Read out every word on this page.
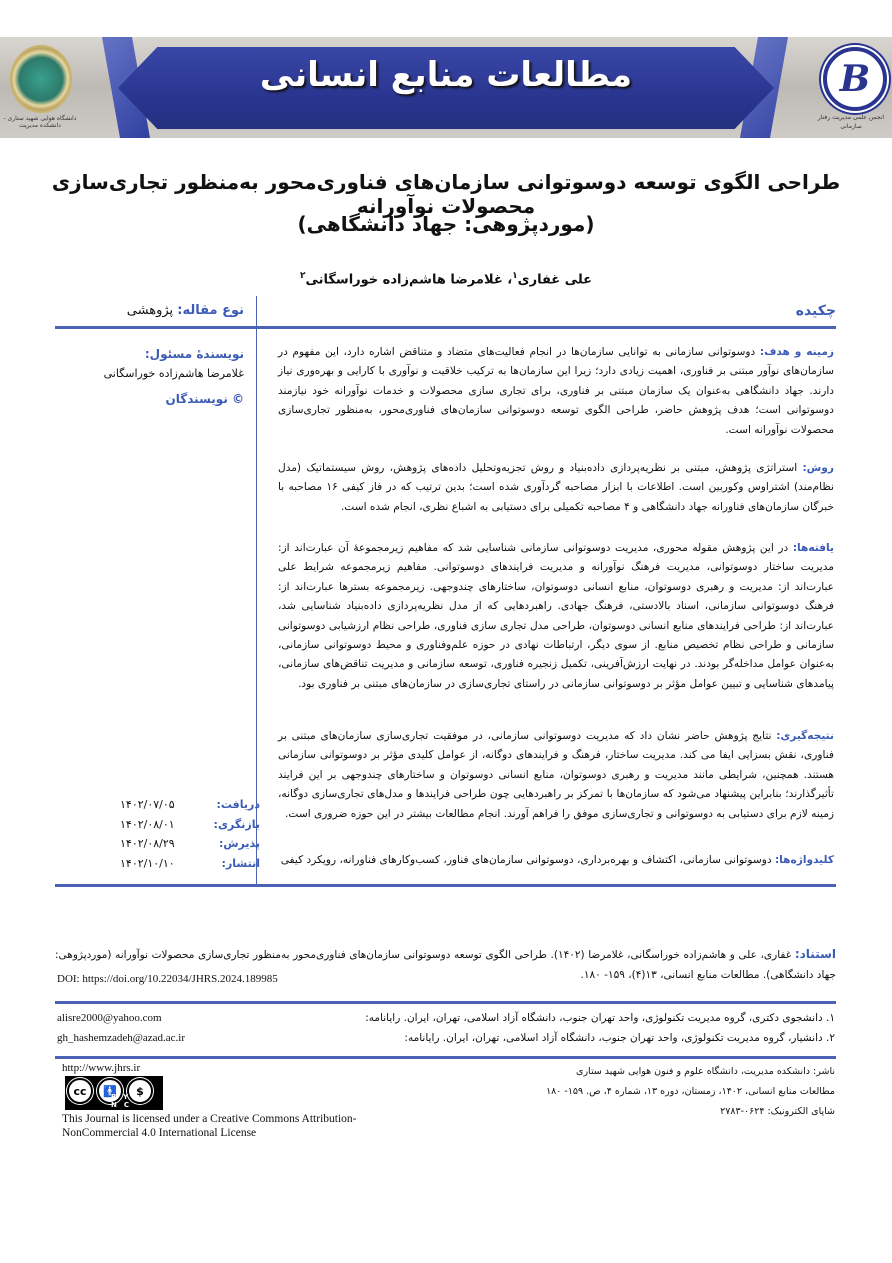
مطالعات منابع انسانی
دانشگاه هوایی شهید ستاری - دانشکده مدیریت
B
انجمن علمی مدیریت رفتار سازمانی
طراحی الگوی توسعه دوسوتوانی سازمان‌های فناوری‌محور به‌منظور تجاری‌سازی محصولات نوآورانه
(موردپژوهی: جهاد دانشگاهی)
علی غفاری$^۱$، غلامرضا هاشم‌زاده خوراسگانی$^۲$
چکیده
نوع مقاله: پژوهشی
زمینه و هدف: دوسوتوانی سازمانی به توانایی سازمان‌ها در انجام فعالیت‌های متضاد و متناقض اشاره دارد، این مفهوم در سازمان‌های نوآور مبتنی بر فناوری، اهمیت زیادی دارد؛ زیرا این سازمان‌ها به ترکیب خلاقیت و نوآوری با کارایی و بهره‌وری نیاز دارند. جهاد دانشگاهی به‌عنوان یک سازمان مبتنی بر فناوری، برای تجاری سازی محصولات و خدمات نوآورانه خود نیازمند دوسوتوانی است؛ هدف پژوهش حاضر، طراحی الگوی توسعه دوسوتوانی سازمان‌های فناوری‌محور، به‌منظور تجاری‌سازی محصولات نوآورانه است.
روش: استراتژی پژوهش، مبتنی بر نظریه‌پردازی داده‌بنیاد و روش تجزیه‌وتحلیل داده‌های پژوهش، روش سیستماتیک (مدل نظام‌مند) اشتراوس وکوربین است. اطلاعات با ابزار مصاحبه گردآوری شده است؛ بدین ترتیب که در فاز کیفی ۱۶ مصاحبه با خبرگان سازمان‌های فناورانه جهاد دانشگاهی و ۴ مصاحبه تکمیلی برای دستیابی به اشباع نظری، انجام شده است.
یافته‌ها: در این پژوهش مقوله محوری، مدیریت دوسوتوانی سازمانی شناسایی شد که مفاهیم زیرمجموعهٔ آن عبارت‌اند از: مدیریت ساختار دوسوتوانی، مدیریت فرهنگ نوآورانه و مدیریت فرایندهای دوسوتوانی. مفاهیم زیرمجموعه شرایط علی عبارت‌اند از: مدیریت و رهبری دوسوتوان، منابع انسانی دوسوتوان، ساختارهای چندوجهی. زیرمجموعه بسترها عبارت‌اند از: فرهنگ دوسوتوانی سازمانی، اسناد بالادستی، فرهنگ جهادی. راهبردهایی که از مدل نظریه‌پردازی داده‌بنیاد شناسایی شد، عبارت‌اند از: طراحی فرایندهای منابع انسانی دوسوتوان، طراحی مدل تجاری سازی فناوری، طراحی نظام ارزشیابی دوسوتوانی سازمانی و طراحی نظام تخصیص منابع. از سوی دیگر، ارتباطات نهادی در حوزه علم‌وفناوری و محیط دوسوتوانی سازمانی، به‌عنوان عوامل مداخله‌گر بودند. در نهایت ارزش‌آفرینی، تکمیل زنجیره فناوری، توسعه سازمانی و مدیریت تناقض‌های سازمانی، پیامدهای شناسایی و تبیین عوامل مؤثر بر دوسوتوانی سازمانی در راستای تجاری‌سازی در سازمان‌های مبتنی بر فناوری بود.
نتیجه‌گیری: نتایج پژوهش حاضر نشان داد که مدیریت دوسوتوانی سازمانی، در موفقیت تجاری‌سازی سازمان‌های مبتنی بر فناوری، نقش بسزایی ایفا می کند. مدیریت ساختار، فرهنگ و فرایندهای دوگانه، از عوامل کلیدی مؤثر بر دوسوتوانی سازمانی هستند. همچنین، شرایطی مانند مدیریت و رهبری دوسوتوان، منابع انسانی دوسوتوان و ساختارهای چندوجهی بر این فرایند تأثیرگذارند؛ بنابراین پیشنهاد می‌شود که سازمان‌ها با تمرکز بر راهبردهایی چون طراحی فرایندها و مدل‌های تجاری‌سازی دوگانه، زمینه لازم برای دستیابی به دوسوتوانی و تجاری‌سازی موفق را فراهم آورند. انجام مطالعات بیشتر در این حوزه ضروری است.
کلیدواژه‌ها: دوسوتوانی سازمانی، اکتشاف و بهره‌برداری، دوسوتوانی سازمان‌های فناور، کسب‌وکارهای فناورانه، رویکرد کیفی
نویسندهٔ مسئول:
غلامرضا هاشم‌زاده خوراسگانی
© نویسندگان
دریافت:
۱۴۰۲/۰۷/۰۵
بازنگری:
۱۴۰۲/۰۸/۰۱
پذیرش:
۱۴۰۲/۰۸/۲۹
انتشار:
۱۴۰۲/۱۰/۱۰
استناد: غفاری، علی و هاشم‌زاده خوراسگانی، غلامرضا (۱۴۰۲). طراحی الگوی توسعه دوسوتوانی سازمان‌های فناوری‌محور به‌منظور تجاری‌سازی محصولات نوآورانه (موردپژوهی: جهاد دانشگاهی). مطالعات منابع انسانی، ۱۳(۴)، ۱۵۹- ۱۸۰.
DOI: https://doi.org/10.22034/JHRS.2024.189985
۱. دانشجوی دکتری، گروه مدیریت تکنولوژی، واحد تهران جنوب، دانشگاه آزاد اسلامی، تهران، ایران. رایانامه:
alisre2000@yahoo.com
۲. دانشیار، گروه مدیریت تکنولوژی، واحد تهران جنوب، دانشگاه آزاد اسلامی، تهران، ایران. رایانامه:
gh_hashemzadeh@azad.ac.ir
ناشر: دانشکده مدیریت، دانشگاه علوم و فنون هوایی شهید ستاری
مطالعات منابع انسانی، ۱۴۰۲، زمستان، دوره ۱۳، شماره ۴، ص. ۱۵۹- ۱۸۰
شاپای الکترونیک: ۰۶۲۴-۲۷۸۳
http://www.jhrs.ir
cc	🚹	$
BY NC
This Journal is licensed under a Creative Commons Attribution-
NonCommercial 4.0 International License
